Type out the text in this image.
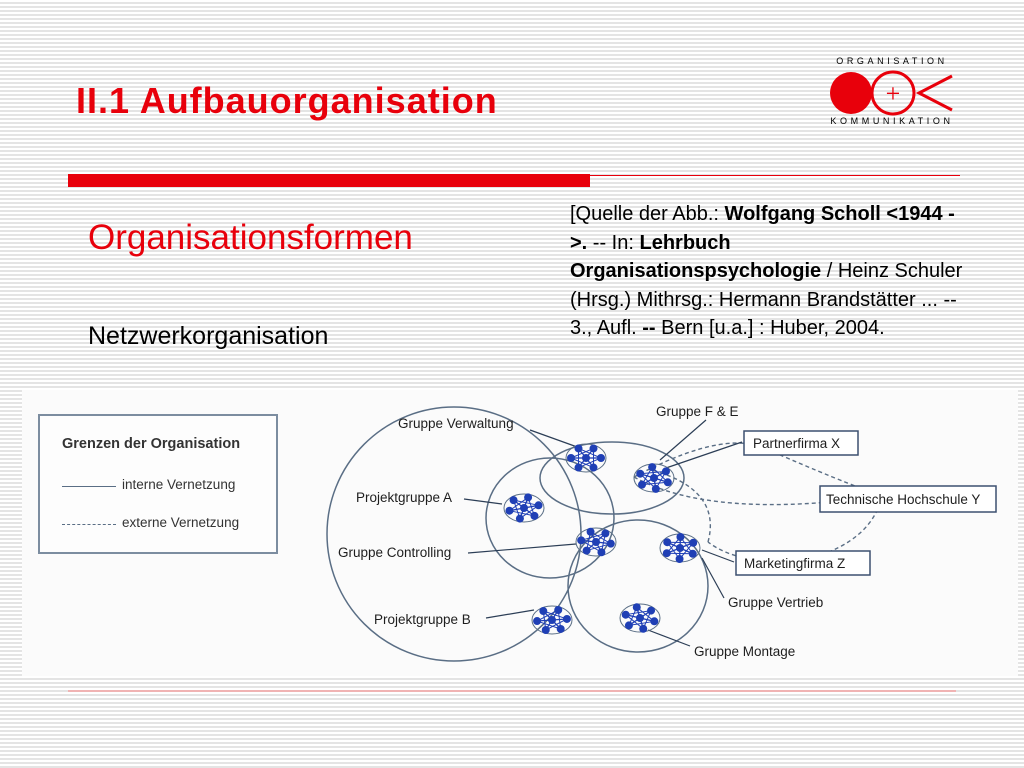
II.1 Aufbauorganisation
ORGANISATION
+
KOMMUNIKATION
Organisationsformen
Netzwerkorganisation
[Quelle der Abb.: Wolfgang Scholl <1944 - >. -- In: Lehrbuch Organisationspsychologie / Heinz Schuler (Hrsg.) Mithrsg.: Hermann Brandstätter ... -- 3., Aufl. -- Bern [u.a.] : Huber, 2004.
Grenzen der Organisation
interne Vernetzung
externe Vernetzung
Gruppe Verwaltung
Gruppe F & E
Projektgruppe A
Gruppe Controlling
Projektgruppe B
Gruppe Vertrieb
Gruppe Montage
Partnerfirma X
Technische Hochschule Y
Marketingfirma Z
